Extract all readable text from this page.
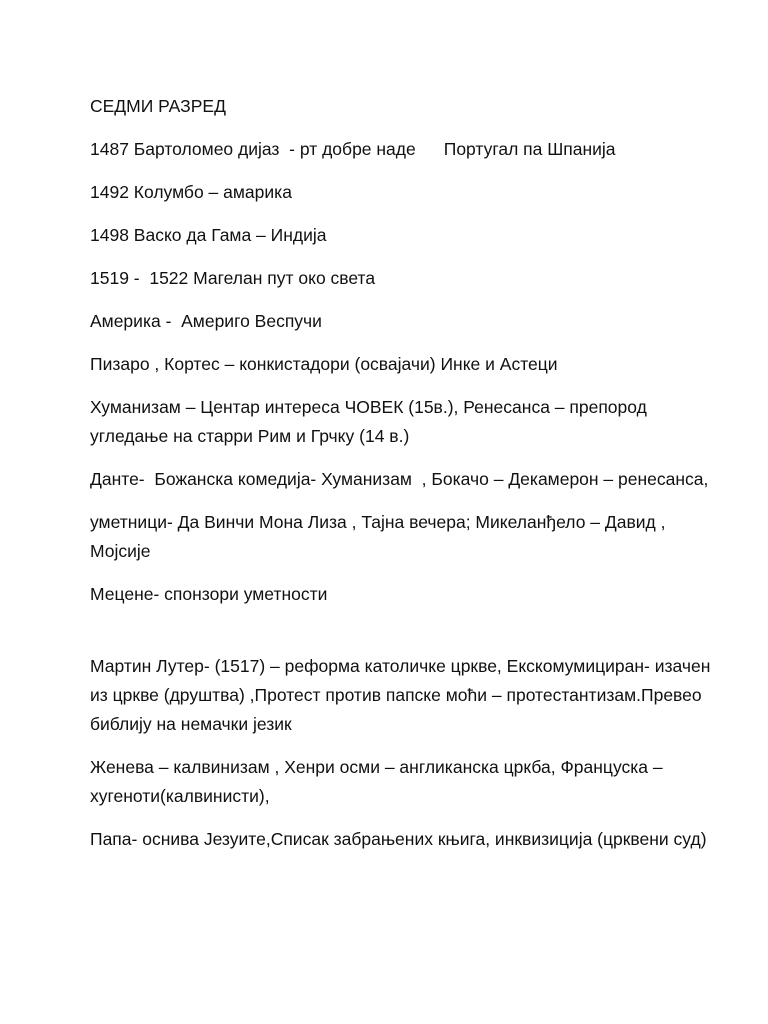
СЕДМИ РАЗРЕД

1487 Бартоломео дијаз  - рт добре наде Португал па Шпанија

1492 Колумбо – амарика

1498 Васко да Гама – Индија

1519 -  1522 Магелан пут око света

Америка -  Америго Веспучи

Пизаро , Кортес – конкистадори (освајачи) Инке и Астеци

Хуманизам – Центар интереса ЧОВЕК (15в.), Ренесанса – препород угледање на старри Рим и Грчку (14 в.)

Данте-  Божанска комедија- Хуманизам  , Бокачо – Декамерон – ренесанса,

уметници- Да Винчи Мона Лиза , Тајна вечера; Микеланђело – Давид , Мојсије

Мецене- спонзори уметности

Мартин Лутер- (1517) – реформа католичке цркве, Екскомумициран- изачен из цркве (друштва) ,Протест против папске моћи – протестантизам.Превео библију на немачки језик

Женева – калвинизам , Хенри осми – англиканска цркба, Француска – хугеноти(калвинисти),

Папа- оснива Језуите,Списак забрањених књига, инквизиција (црквени суд)
